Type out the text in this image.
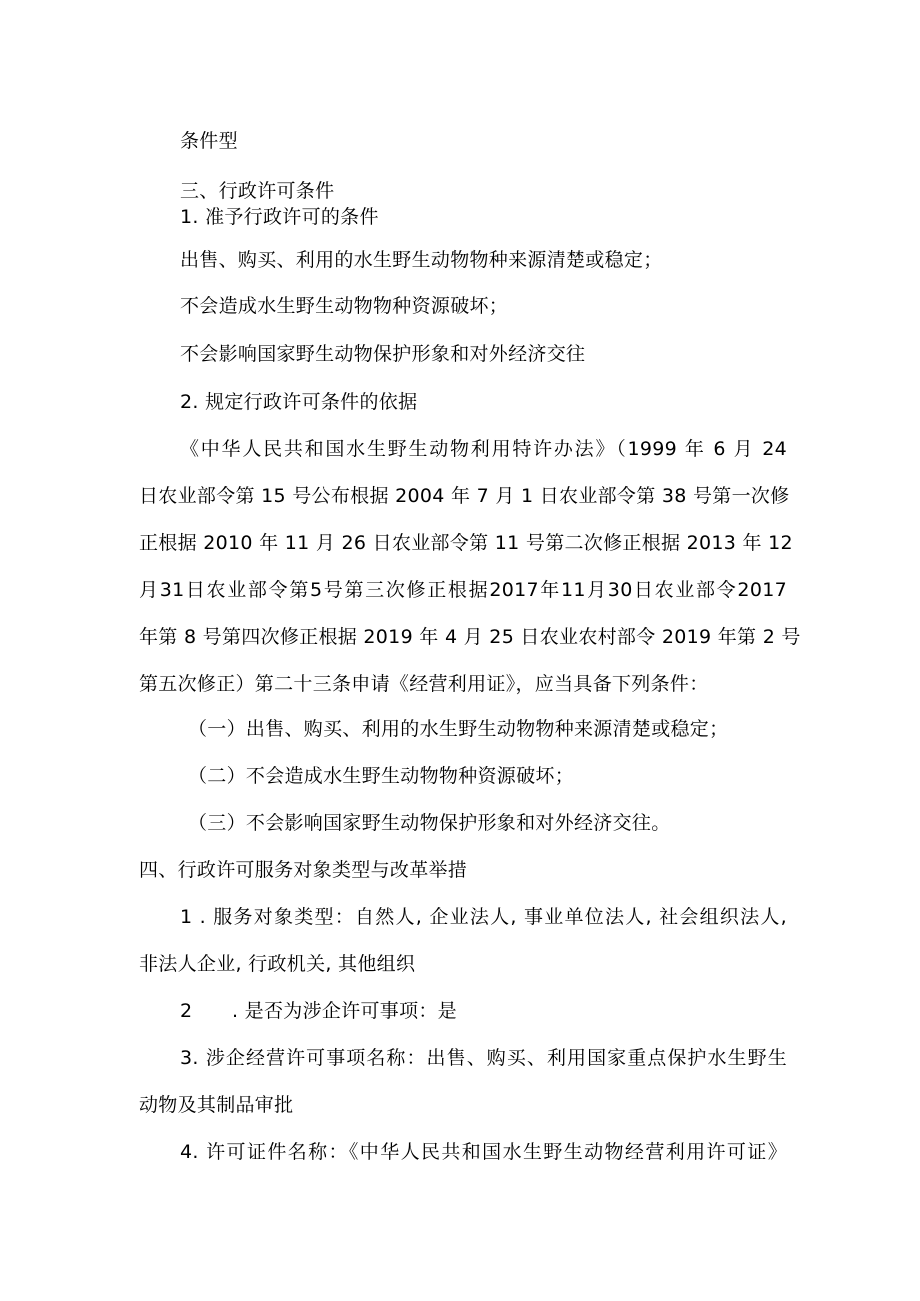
条件型
三、行政许可条件
1. 准予行政许可的条件
出售、购买、利用的水生野生动物物种来源清楚或稳定；
不会造成水生野生动物物种资源破坏；
不会影响国家野生动物保护形象和对外经济交往
2. 规定行政许可条件的依据
《中华人民共和国水生野生动物利用特许办法》（1999 年 6 月 24
日农业部令第 15 号公布根据 2004 年 7 月 1 日农业部令第 38 号第一次修
正根据 2010 年 11 月 26 日农业部令第 11 号第二次修正根据 2013 年 12
月31日农业部令第5号第三次修正根据2017年11月30日农业部令2017
年第 8 号第四次修正根据 2019 年 4 月 25 日农业农村部令 2019 年第 2 号
第五次修正）第二十三条申请《经营利用证》，应当具备下列条件：
（一）出售、购买、利用的水生野生动物物种来源清楚或稳定；
（二）不会造成水生野生动物物种资源破坏；
（三）不会影响国家野生动物保护形象和对外经济交往。
四、行政许可服务对象类型与改革举措
1 . 服务对象类型：自然人, 企业法人, 事业单位法人, 社会组织法人,
非法人企业, 行政机关, 其他组织
2 . 是否为涉企许可事项：是
3. 涉企经营许可事项名称：出售、购买、利用国家重点保护水生野生
动物及其制品审批
4. 许可证件名称：《中华人民共和国水生野生动物经营利用许可证》
